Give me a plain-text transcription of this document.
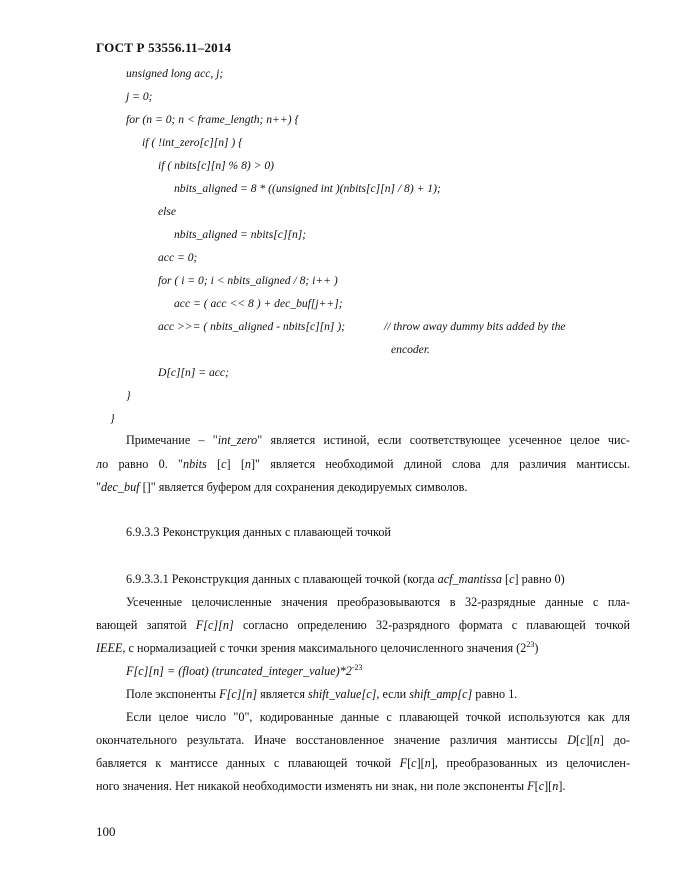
ГОСТ Р 53556.11–2014
unsigned long acc, j;
j = 0;
for (n = 0; n < frame_length; n++) {
if ( !int_zero[c][n] ) {
if ( nbits[c][n] % 8) > 0)
nbits_aligned = 8 * ((unsigned int )(nbits[c][n] / 8) + 1);
else
nbits_aligned = nbits[c][n];
acc = 0;
for ( i = 0; i < nbits_aligned / 8; i++ )
acc = ( acc << 8 ) + dec_buf[j++];
acc >>= ( nbits_aligned - nbits[c][n] );	// throw away dummy bits added by the
encoder.
D[c][n] = acc;
}
}
Примечание – "int_zero" является истиной, если соответствующее усеченное целое чис-
ло равно 0. "nbits [c] [n]" является необходимой длиной слова для различия мантиссы.
"dec_buf []" является буфером для сохранения декодируемых символов.
6.9.3.3 Реконструкция данных с плавающей точкой
6.9.3.3.1 Реконструкция данных с плавающей точкой (когда acf_mantissa [c] равно 0)
Усеченные целочисленные значения преобразовываются в 32-разрядные данные с пла-
вающей запятой F[c][n] согласно определению 32-разрядного формата с плавающей точкой
IEEE, с нормализацией с точки зрения максимального целочисленного значения $(2^{23})$
F[c][n] = (float) $(truncated\_integer\_value)*2^{-23}$
Поле экспоненты F[c][n] является shift_value[c], если shift_amp[c] равно 1.
Если целое число "0", кодированные данные с плавающей точкой используются как для
окончательного результата. Иначе восстановленное значение различия мантиссы D[c][n] до-
бавляется к мантиссе данных с плавающей точкой F[c][n], преобразованных из целочислен-
ного значения. Нет никакой необходимости изменять ни знак, ни поле экспоненты F[c][n].
100
